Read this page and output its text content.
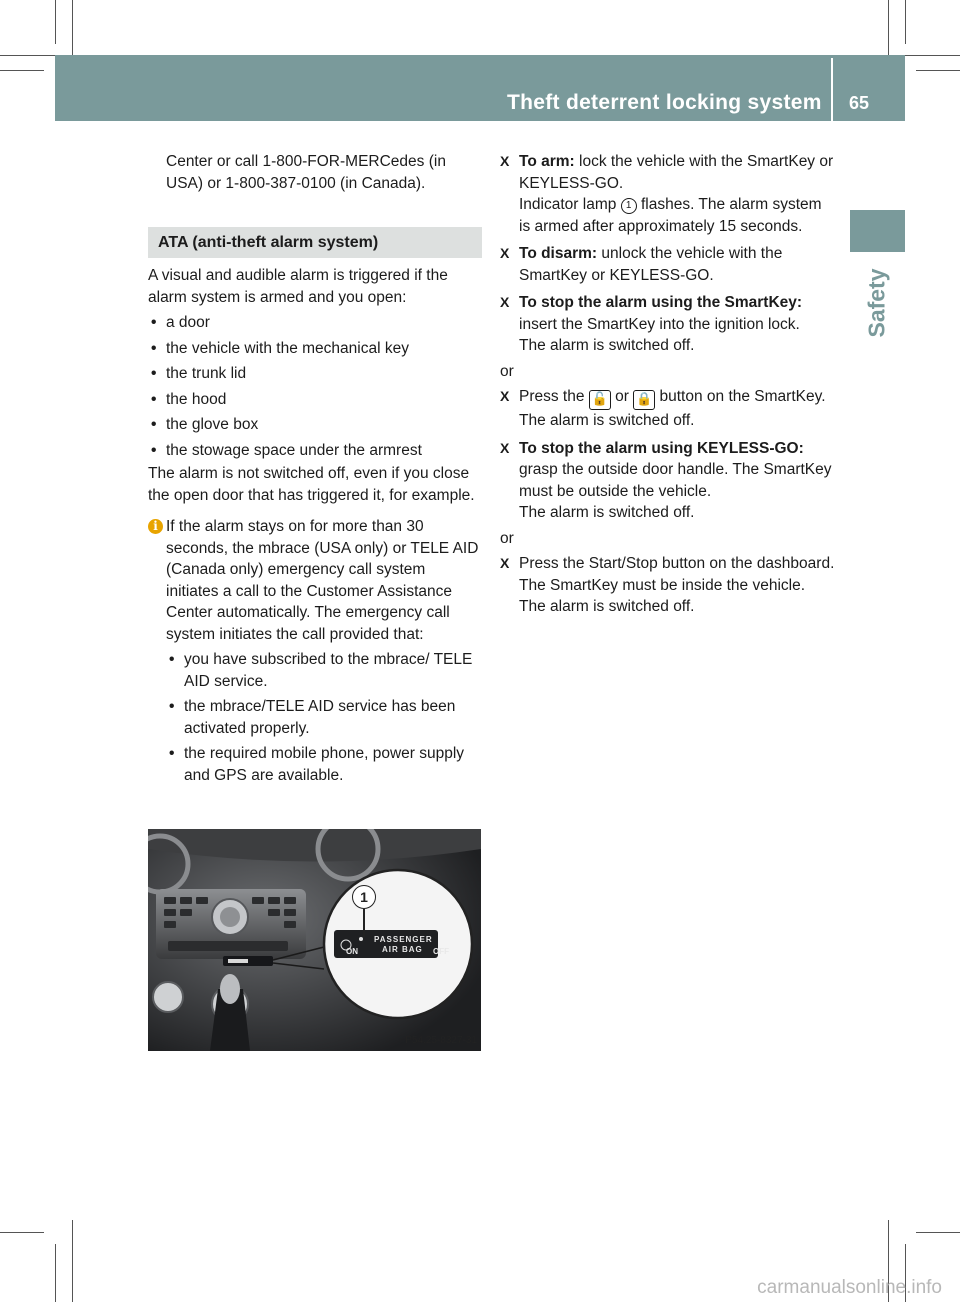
Theft deterrent locking system 65
Safety

Center or call 1-800-FOR-MERCedes (in USA) or 1-800-387-0100 (in Canada).

ATA (anti-theft alarm system)

A visual and audible alarm is triggered if the alarm system is armed and you open:

• a door
• the vehicle with the mechanical key
• the trunk lid
• the hood
• the glove box
• the stowage space under the armrest

The alarm is not switched off, even if you close the open door that has triggered it, for example.

i If the alarm stays on for more than 30 seconds, the mbrace (USA only) or TELE AID (Canada only) emergency call system initiates a call to the Customer Assistance Center automatically. The emergency call system initiates the call provided that:

• you have subscribed to the mbrace/ TELE AID service.
• the mbrace/TELE AID service has been activated properly.
• the required mobile phone, power supply and GPS are available.
1
PASSENGER
AIR BAG
ON	OFF
P54.25-8327-31
X To arm: lock the vehicle with the SmartKey or KEYLESS-GO.

Indicator lamp 1 flashes. The alarm system is armed after approximately 15 seconds.

X To disarm: unlock the vehicle with the SmartKey or KEYLESS-GO.

X To stop the alarm using the SmartKey: insert the SmartKey into the ignition lock.

The alarm is switched off.

or

X Press the 🔓 or 🔒 button on the SmartKey.

The alarm is switched off.

X To stop the alarm using KEYLESS-GO: grasp the outside door handle. The SmartKey must be outside the vehicle.

The alarm is switched off.

or

X Press the Start/Stop button on the dashboard. The SmartKey must be inside the vehicle.

The alarm is switched off.

carmanualsonline.info
